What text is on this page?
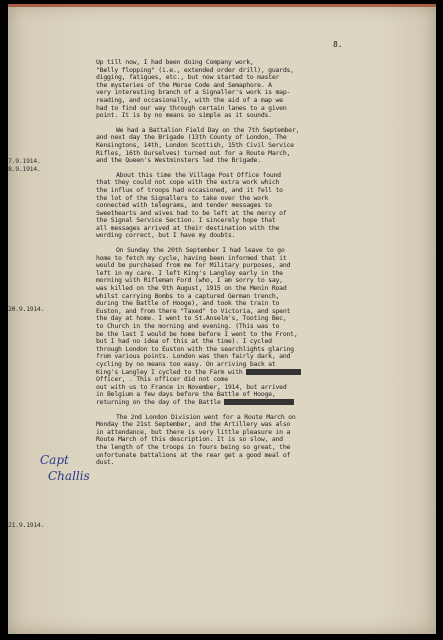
8.
7.9.1914.
8.9.1914.
20.9.1914.
21.9.1914.
Capt
Challis
Up till now, I had been doing Company work,
"Belly flopping" (i.e., extended order drill), guards,
digging, fatigues, etc., but now started to master
the mysteries of the Morse Code and Semaphore. A
very interesting branch of a Signaller's work is map-
reading, and occasionally, with the aid of a map we
had to find our way through certain lanes to a given
point. It is by no means so simple as it sounds.
We had a Battalion Field Day on the 7th September,
and next day the Brigade (13th County of London, The
Kensingtons, 14th, London Scottish, 15th Civil Service
Rifles, 16th Ourselves) turned out for a Route March,
and the Queen's Westminsters led the Brigade.
About this time the Village Post Office found
that they could not cope with the extra work which
the influx of troops had occasioned, and it fell to
the lot of the Signallers to take over the work
connected with telegrams, and tender messages to
Sweethearts and wives had to be left at the mercy of
the Signal Service Section. I sincerely hope that
all messages arrived at their destination with the
wording correct, but I have my doubts.
On Sunday the 20th September I had leave to go
home to fetch my cycle, having been informed that it
would be purchased from me for Military purposes, and
left in my care. I left King's Langley early in the
morning with Rifleman Ford (who, I am sorry to say,
was killed on the 9th August, 1915 on the Menin Road
whilst carrying Bombs to a captured German trench,
during the Battle of Hooge), and took the train to
Euston, and from there "Taxed" to Victoria, and spent
the day at home. I went to St.Anselm's, Tooting Bec,
to Church in the morning and evening. (This was to
be the last I would be home before I went to the Front,
but I had no idea of this at the time). I cycled
through London to Euston with the searchlights glaring
from various points. London was then fairly dark, and
cycling by no means too easy. On arriving back at
King's Langley I cycled to the Farm with
Officer, . This officer did not come
out with us to France in November, 1914, but arrived
in Belgium a few days before the Battle of Hooge,
returning on the day of the Battle
The 2nd London Division went for a Route March on
Monday the 21st September, and the Artillery was also
in attendance, but there is very little pleasure in a
Route March of this description. It is so slow, and
the length of the troops in fours being so great, the
unfortunate battalions at the rear get a good meal of
dust.
